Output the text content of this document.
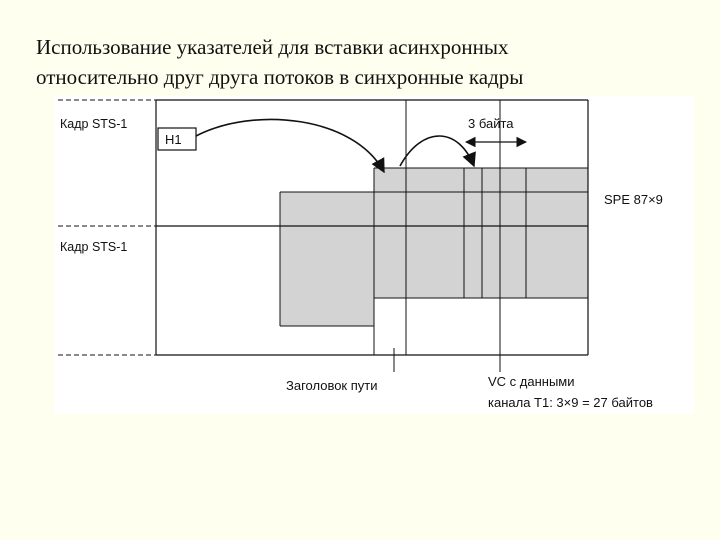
Использование указателей для вставки асинхронных
относительно друг друга потоков в синхронные кадры
H1
Кадр STS-1
Кадр STS-1
3 байта
SPE 87×9
Заголовок пути	VC с данными
канала T1: 3×9 = 27 байтов
